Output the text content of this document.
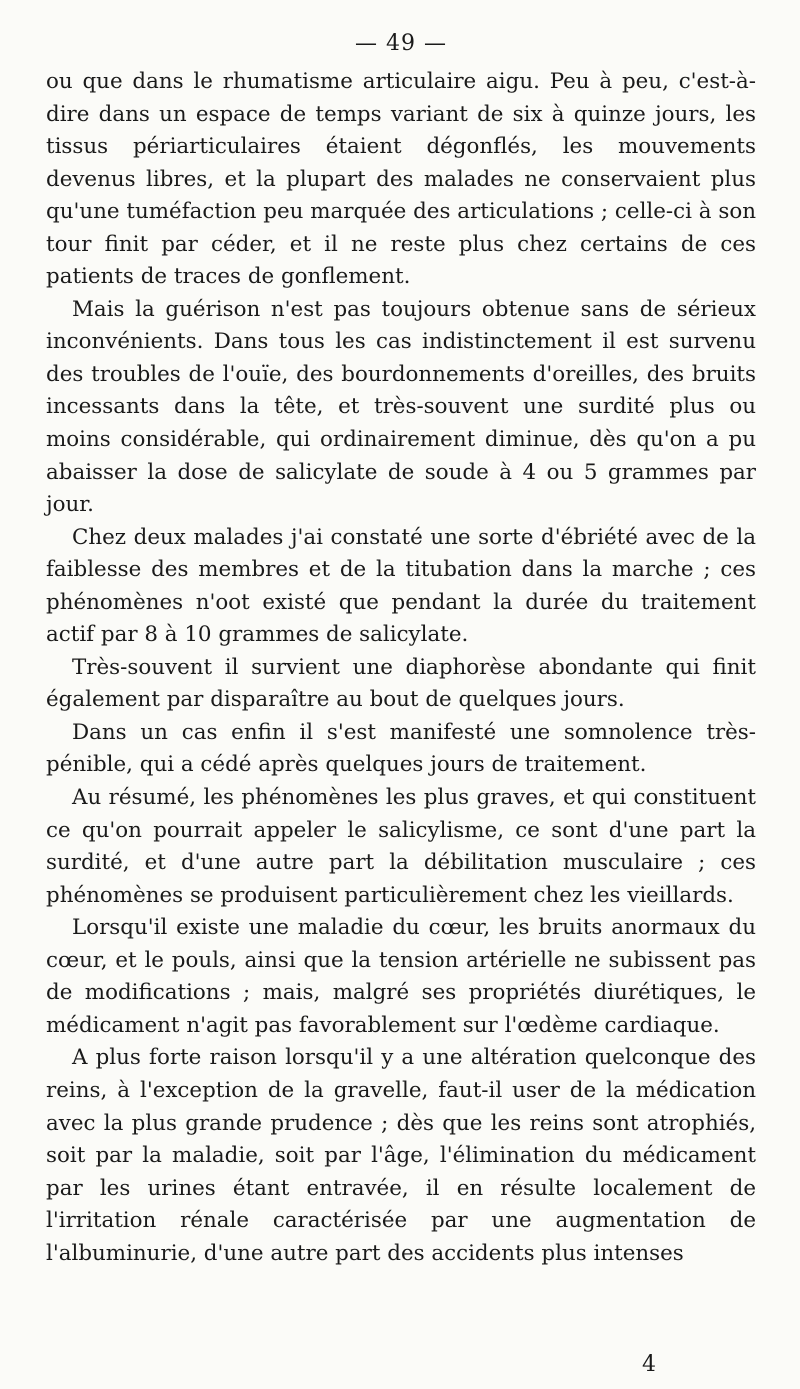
— 49 —

ou que dans le rhumatisme articulaire aigu. Peu à peu, c'est-à-dire dans un espace de temps variant de six à quinze jours, les tissus périarticulaires étaient dégonflés, les mouvements devenus libres, et la plupart des malades ne conservaient plus qu'une tuméfaction peu marquée des articulations ; celle-ci à son tour finit par céder, et il ne reste plus chez certains de ces patients de traces de gonflement.

Mais la guérison n'est pas toujours obtenue sans de sérieux inconvénients. Dans tous les cas indistinctement il est survenu des troubles de l'ouïe, des bourdonnements d'oreilles, des bruits incessants dans la tête, et très-souvent une surdité plus ou moins considérable, qui ordinairement diminue, dès qu'on a pu abaisser la dose de salicylate de soude à 4 ou 5 grammes par jour.

Chez deux malades j'ai constaté une sorte d'ébriété avec de la faiblesse des membres et de la titubation dans la marche ; ces phénomènes n'oot existé que pendant la durée du traitement actif par 8 à 10 grammes de salicylate.

Très-souvent il survient une diaphorèse abondante qui finit également par disparaître au bout de quelques jours.

Dans un cas enfin il s'est manifesté une somnolence très-pénible, qui a cédé après quelques jours de traitement.

Au résumé, les phénomènes les plus graves, et qui constituent ce qu'on pourrait appeler le salicylisme, ce sont d'une part la surdité, et d'une autre part la débilitation musculaire ; ces phénomènes se produisent particulièrement chez les vieillards.

Lorsqu'il existe une maladie du cœur, les bruits anormaux du cœur, et le pouls, ainsi que la tension artérielle ne subissent pas de modifications ; mais, malgré ses propriétés diurétiques, le médicament n'agit pas favorablement sur l'œdème cardiaque.

A plus forte raison lorsqu'il y a une altération quelconque des reins, à l'exception de la gravelle, faut-il user de la médication avec la plus grande prudence ; dès que les reins sont atrophiés, soit par la maladie, soit par l'âge, l'élimination du médicament par les urines étant entravée, il en résulte localement de l'irritation rénale caractérisée par une augmentation de l'albuminurie, d'une autre part des accidents plus intenses

4
